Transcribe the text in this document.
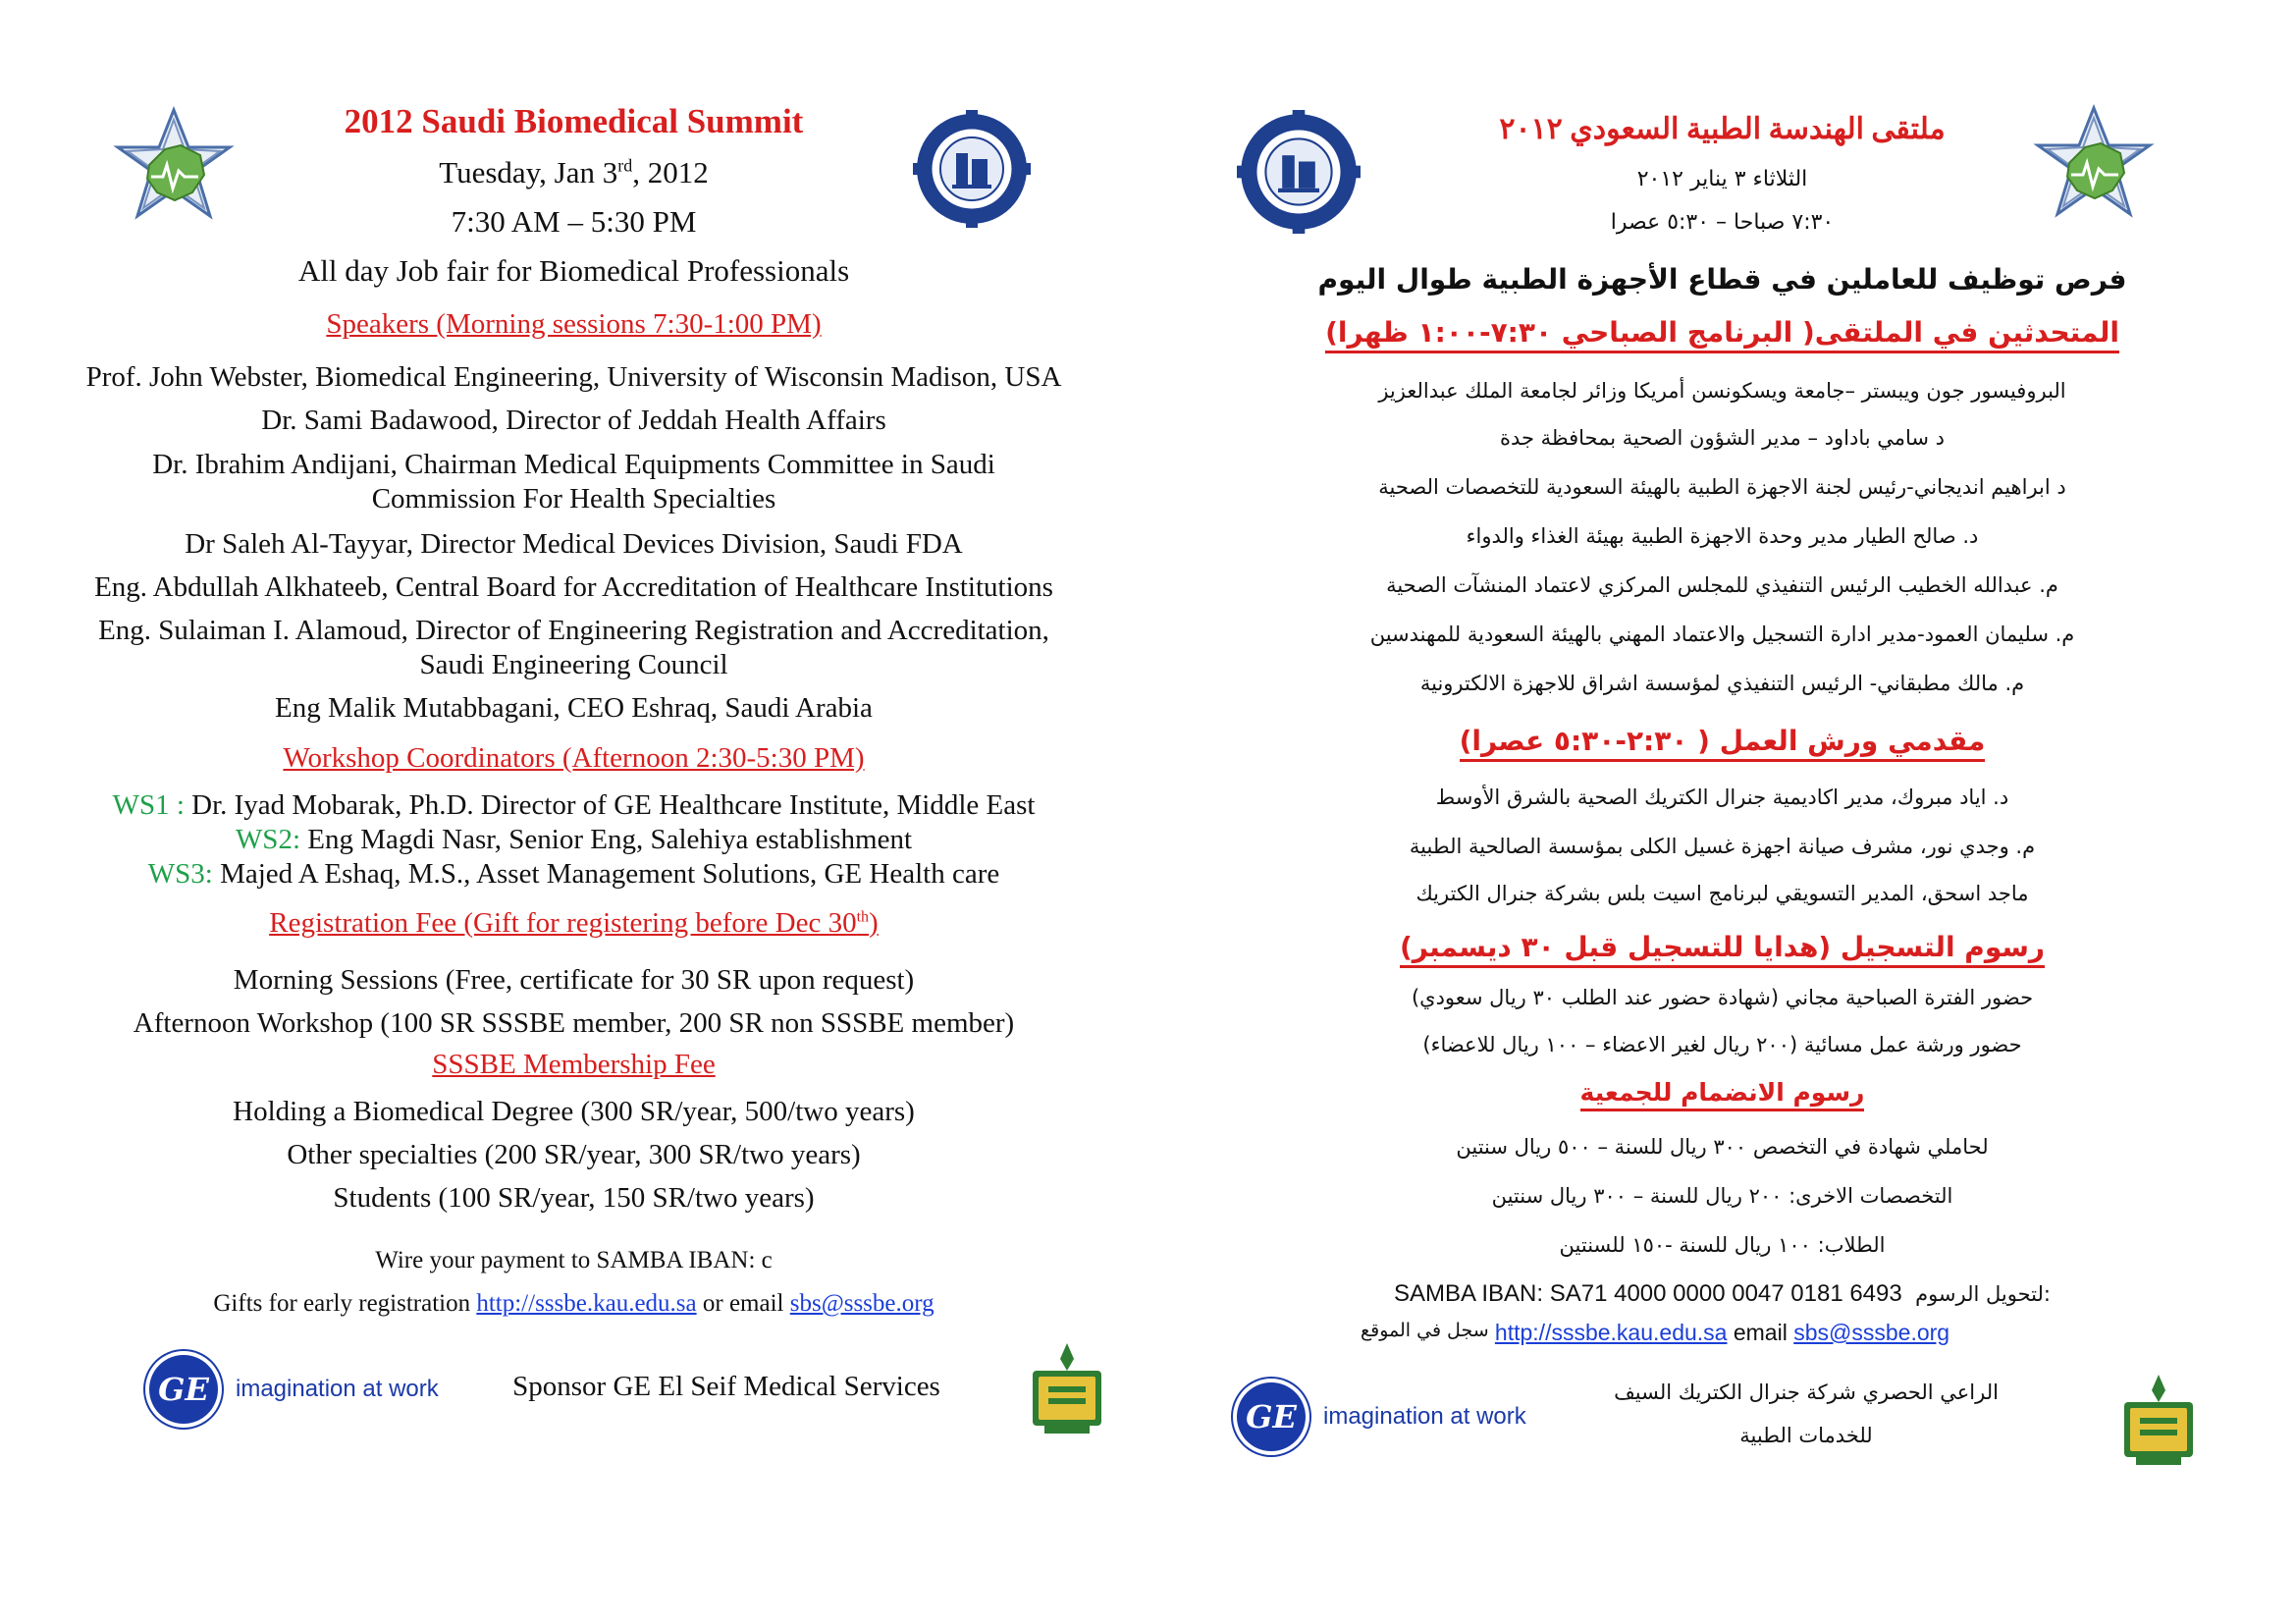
2012 Saudi Biomedical Summit
Tuesday, Jan 3rd, 2012
7:30 AM – 5:30 PM
All day Job fair for Biomedical Professionals
Speakers (Morning sessions 7:30-1:00 PM)
Prof. John Webster, Biomedical Engineering, University of Wisconsin Madison, USA
Dr. Sami Badawood, Director of Jeddah Health Affairs
Dr. Ibrahim Andijani, Chairman Medical Equipments Committee in Saudi
Commission For Health Specialties
Dr Saleh Al-Tayyar, Director Medical Devices Division, Saudi FDA
Eng. Abdullah Alkhateeb, Central Board for Accreditation of Healthcare Institutions
Eng. Sulaiman I. Alamoud, Director of Engineering Registration and Accreditation,
Saudi Engineering Council
Eng Malik Mutabbagani, CEO Eshraq, Saudi Arabia
Workshop Coordinators (Afternoon 2:30-5:30 PM)
WS1 : Dr. Iyad Mobarak, Ph.D. Director of GE Healthcare Institute, Middle East
WS2: Eng Magdi Nasr, Senior Eng, Salehiya establishment
WS3: Majed A Eshaq, M.S., Asset Management Solutions, GE Health care
Registration Fee (Gift for registering before Dec 30th)
Morning Sessions (Free, certificate for 30 SR upon request)
Afternoon Workshop (100 SR SSSBE member, 200 SR non SSSBE member)
SSSBE Membership Fee
Holding a Biomedical Degree (300 SR/year, 500/two years)
Other specialties (200 SR/year, 300 SR/two years)
Students (100 SR/year, 150 SR/two years)
Wire your payment to SAMBA IBAN: c
Gifts for early registration http://sssbe.kau.edu.sa or email sbs@sssbe.org
GE	imagination at work	Sponsor GE El Seif Medical Services
ملتقى الهندسة الطبية السعودي ٢٠١٢
الثلاثاء ٣ يناير ٢٠١٢
٧:٣٠ صباحا – ٥:٣٠ عصرا
فرص توظيف للعاملين في قطاع الأجهزة الطبية طوال اليوم
المتحدثين في الملتقى( البرنامج الصباحي ٧:٣٠-١:٠٠ ظهرا)
البروفيسور جون ويبستر –جامعة ويسكونسن أمريكا وزائر لجامعة الملك عبدالعزيز
د سامي باداود – مدير الشؤون الصحية بمحافظة جدة
د ابراهيم انديجاني-رئيس لجنة الاجهزة الطبية بالهيئة السعودية للتخصصات الصحية
د. صالح الطيار مدير وحدة الاجهزة الطبية بهيئة الغذاء والدواء
م. عبدالله الخطيب الرئيس التنفيذي للمجلس المركزي لاعتماد المنشآت الصحية
م. سليمان العمود-مدير ادارة التسجيل والاعتماد المهني بالهيئة السعودية للمهندسين
م. مالك مطبقاني- الرئيس التنفيذي لمؤسسة اشراق للاجهزة الالكترونية
مقدمي ورش العمل ( ٢:٣٠-٥:٣٠ عصرا)
د. اياد مبروك، مدير اكاديمية جنرال الكتريك الصحية بالشرق الأوسط
م. وجدي نور، مشرف صيانة اجهزة غسيل الكلى بمؤسسة الصالحية الطبية
ماجد اسحق، المدير التسويقي لبرنامج اسيت بلس بشركة جنرال الكتريك
رسوم التسجيل (هدايا للتسجيل قبل ٣٠ ديسمبر)
حضور الفترة الصباحية مجاني (شهادة حضور عند الطلب ٣٠ ريال سعودي)
حضور ورشة عمل مسائية (٢٠٠ ريال لغير الاعضاء – ١٠٠ ريال للاعضاء)
رسوم الانضمام للجمعية
لحاملي شهادة في التخصص ٣٠٠ ريال للسنة – ٥٠٠ ريال سنتين
التخصصات الاخرى: ٢٠٠ ريال للسنة – ٣٠٠ ريال سنتين
الطلاب: ١٠٠ ريال للسنة -١٥٠ للسنتين
SAMBA IBAN: SA71 4000 0000 0047 0181 6493 لتحويل الرسوم:
http://sssbe.kau.edu.sa email sbs@sssbe.org
سجل في الموقع
GE	imagination at work
الراعي الحصري شركة جنرال الكتريك السيف
للخدمات الطبية
